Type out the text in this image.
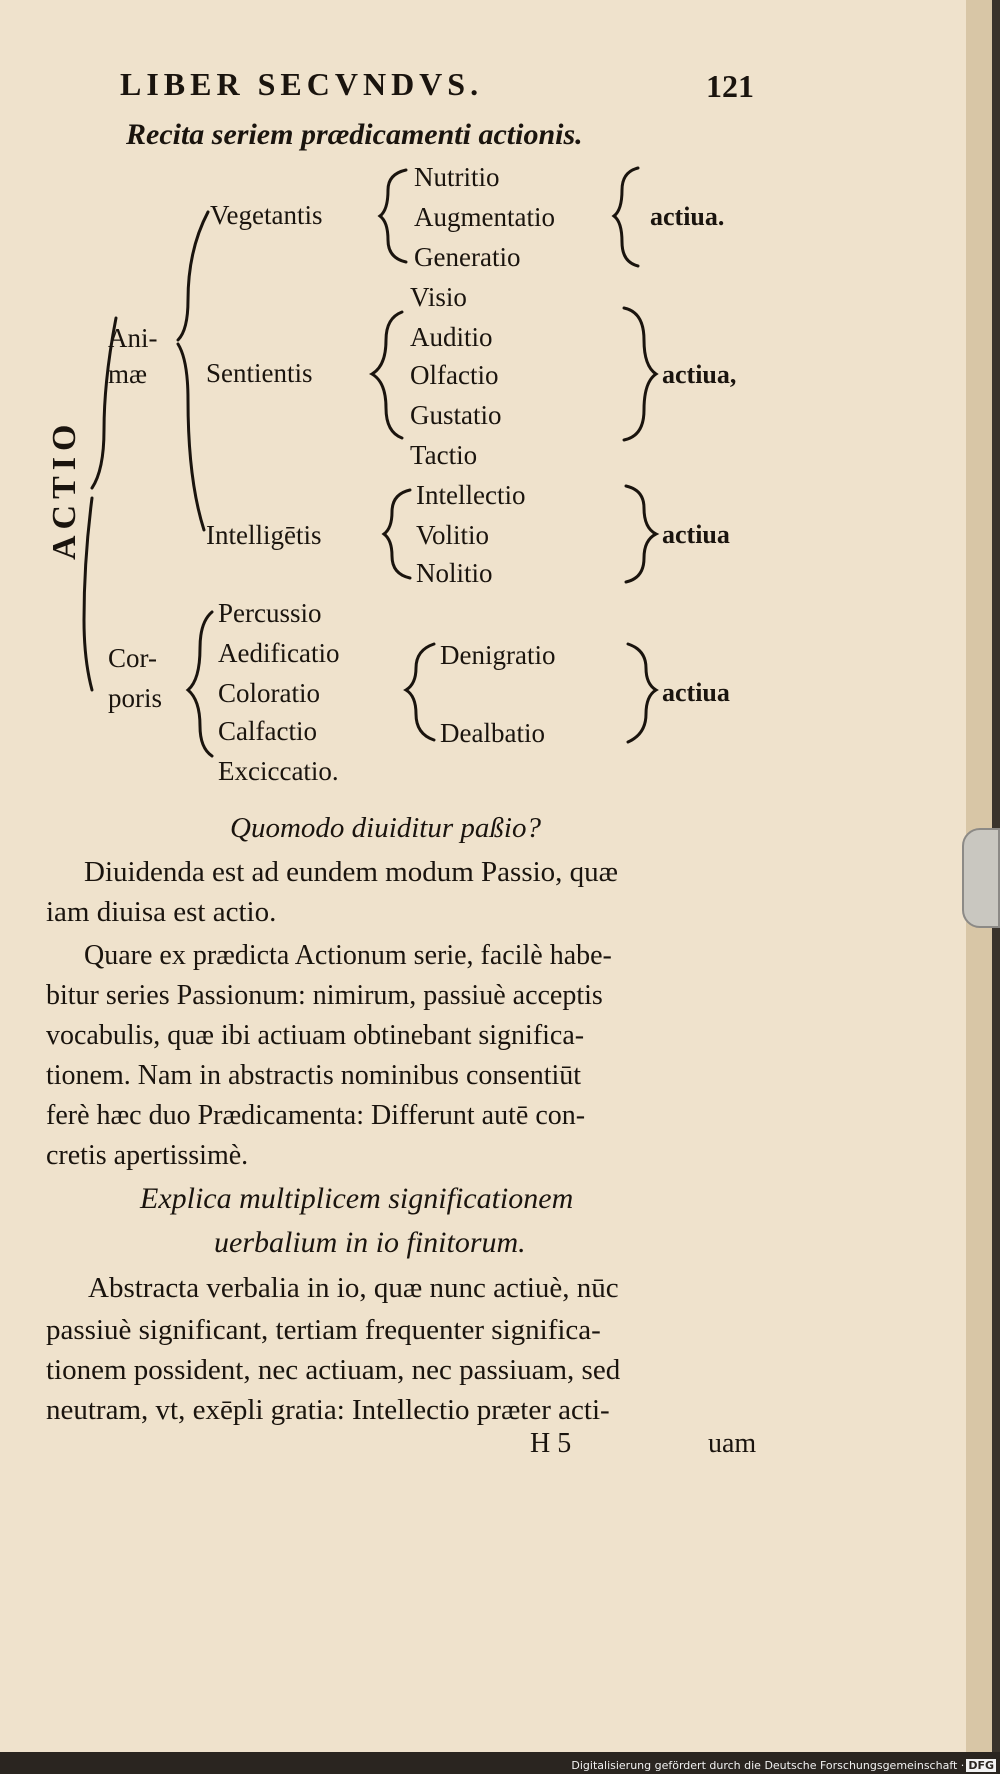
LIBER SECVNDVS.	121
Recita seriem prædicamenti actionis.
ACTIO
Ani-
mæ
Vegetantis
Nutritio
Augmentatio
Generatio
actiua.
Sentientis
Visio
Auditio
Olfactio
Gustatio
Tactio
actiua,
Intelligētis
Intellectio
Volitio
Nolitio
actiua
Cor-
poris
Percussio
Aedificatio
Coloratio
Calfactio
Exciccatio.
Denigratio
Dealbatio
actiua
Quomodo diuiditur paßio?
Diuidenda est ad eundem modum Passio, quæ
iam diuisa est actio.
Quare ex prædicta Actionum serie, facilè habe-
bitur series Passionum: nimirum, passiuè acceptis
vocabulis, quæ ibi actiuam obtinebant significa-
tionem. Nam in abstractis nominibus consentiūt
ferè hæc duo Prædicamenta: Differunt autē con-
cretis apertissimè.
Explica multiplicem significationem
uerbalium in io finitorum.
Abstracta verbalia in io, quæ nunc actiuè, nūc
passiuè significant, tertiam frequenter significa-
tionem possident, nec actiuam, nec passiuam, sed
neutram, vt, exēpli gratia: Intellectio præter acti-
H 5	uam
Digitalisierung gefördert durch die Deutsche Forschungsgemeinschaft · DFG
